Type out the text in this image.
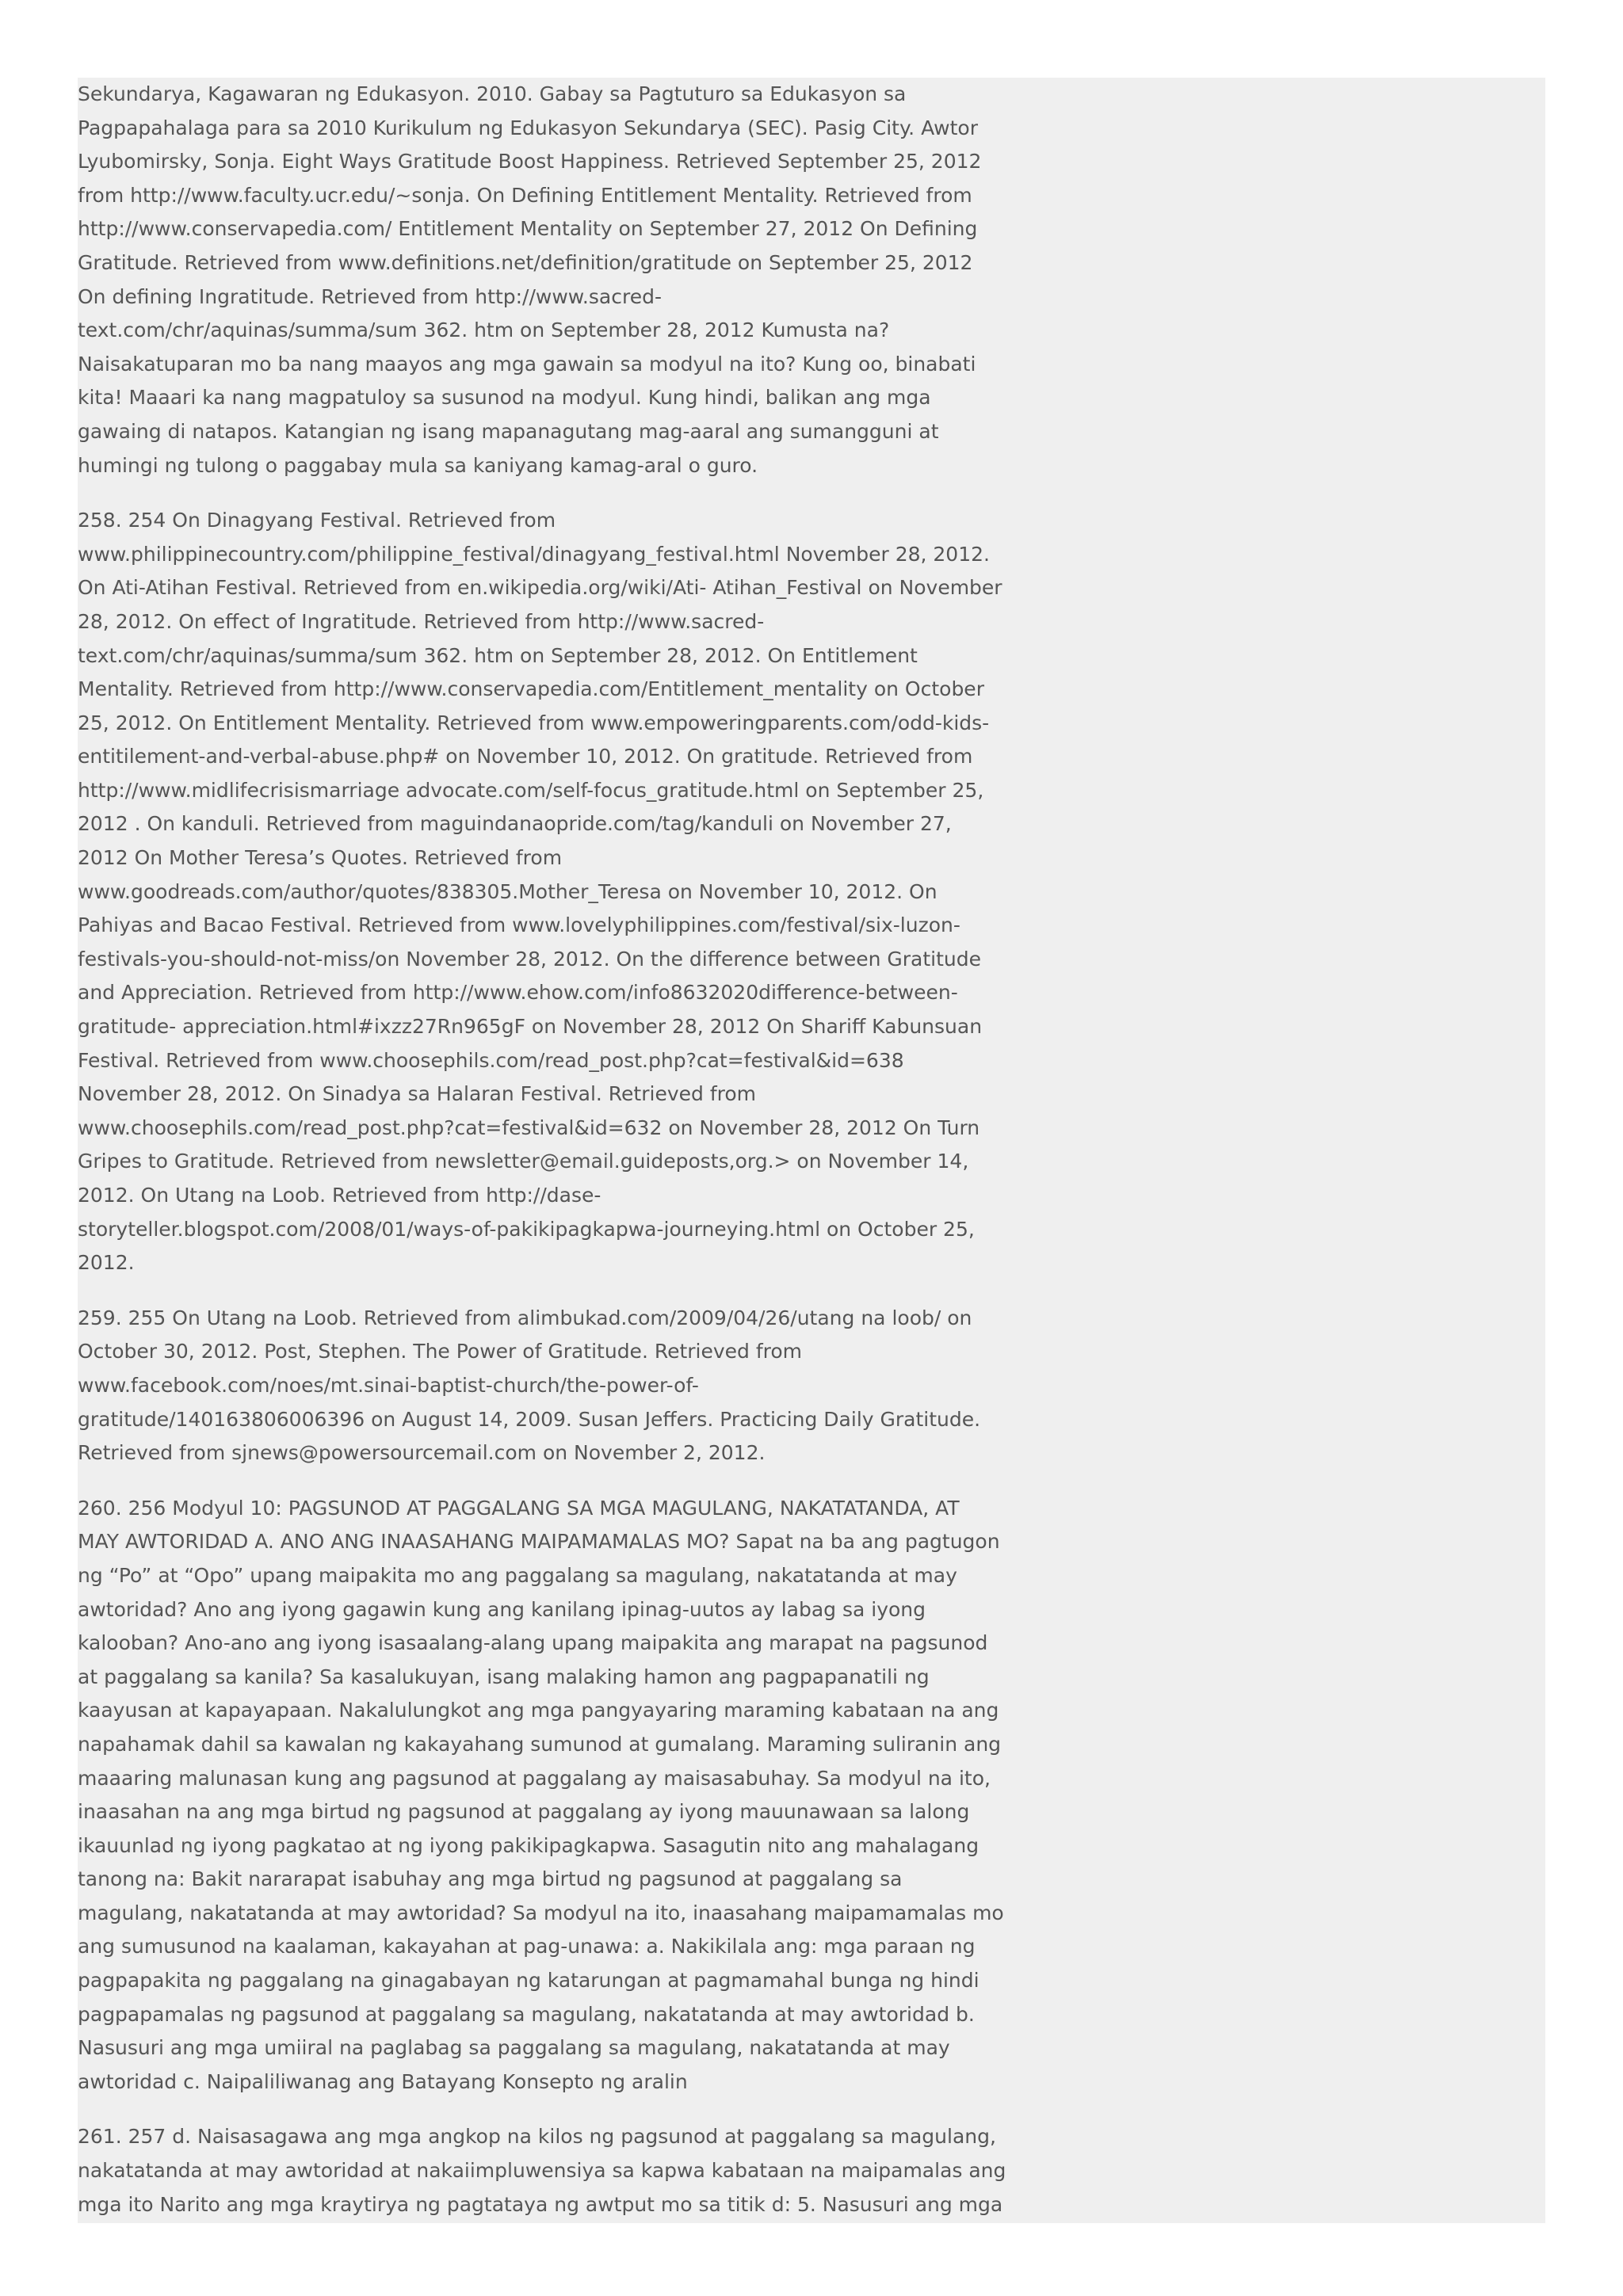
Sekundarya, Kagawaran ng Edukasyon. 2010. Gabay sa Pagtuturo sa Edukasyon sa
Pagpapahalaga para sa 2010 Kurikulum ng Edukasyon Sekundarya (SEC). Pasig City. Awtor
Lyubomirsky, Sonja. Eight Ways Gratitude Boost Happiness. Retrieved September 25, 2012
from http://www.faculty.ucr.edu/~sonja. On Defining Entitlement Mentality. Retrieved from
http://www.conservapedia.com/ Entitlement Mentality on September 27, 2012 On Defining
Gratitude. Retrieved from www.definitions.net/definition/gratitude on September 25, 2012
On defining Ingratitude. Retrieved from http://www.sacred-
text.com/chr/aquinas/summa/sum 362. htm on September 28, 2012 Kumusta na?
Naisakatuparan mo ba nang maayos ang mga gawain sa modyul na ito? Kung oo, binabati
kita! Maaari ka nang magpatuloy sa susunod na modyul. Kung hindi, balikan ang mga
gawaing di natapos. Katangian ng isang mapanagutang mag-aaral ang sumangguni at
humingi ng tulong o paggabay mula sa kaniyang kamag-aral o guro.

258. 254 On Dinagyang Festival. Retrieved from
www.philippinecountry.com/philippine_festival/dinagyang_festival.html November 28, 2012.
On Ati-Atihan Festival. Retrieved from en.wikipedia.org/wiki/Ati- Atihan_Festival on November
28, 2012. On effect of Ingratitude. Retrieved from http://www.sacred-
text.com/chr/aquinas/summa/sum 362. htm on September 28, 2012. On Entitlement
Mentality. Retrieved from http://www.conservapedia.com/Entitlement_mentality on October
25, 2012. On Entitlement Mentality. Retrieved from www.empoweringparents.com/odd-kids-
entitilement-and-verbal-abuse.php# on November 10, 2012. On gratitude. Retrieved from
http://www.midlifecrisismarriage advocate.com/self-focus_gratitude.html on September 25,
2012 . On kanduli. Retrieved from maguindanaopride.com/tag/kanduli on November 27,
2012 On Mother Teresa’s Quotes. Retrieved from
www.goodreads.com/author/quotes/838305.Mother_Teresa on November 10, 2012. On
Pahiyas and Bacao Festival. Retrieved from www.lovelyphilippines.com/festival/six-luzon-
festivals-you-should-not-miss/on November 28, 2012. On the difference between Gratitude
and Appreciation. Retrieved from http://www.ehow.com/info8632020difference-between-
gratitude- appreciation.html#ixzz27Rn965gF on November 28, 2012 On Shariff Kabunsuan
Festival. Retrieved from www.choosephils.com/read_post.php?cat=festival&id=638
November 28, 2012. On Sinadya sa Halaran Festival. Retrieved from
www.choosephils.com/read_post.php?cat=festival&id=632 on November 28, 2012 On Turn
Gripes to Gratitude. Retrieved from newsletter@email.guideposts,org.> on November 14,
2012. On Utang na Loob. Retrieved from http://dase-
storyteller.blogspot.com/2008/01/ways-of-pakikipagkapwa-journeying.html on October 25,
2012.

259. 255 On Utang na Loob. Retrieved from alimbukad.com/2009/04/26/utang na loob/ on
October 30, 2012. Post, Stephen. The Power of Gratitude. Retrieved from
www.facebook.com/noes/mt.sinai-baptist-church/the-power-of-
gratitude/140163806006396 on August 14, 2009. Susan Jeffers. Practicing Daily Gratitude.
Retrieved from sjnews@powersourcemail.com on November 2, 2012.

260. 256 Modyul 10: PAGSUNOD AT PAGGALANG SA MGA MAGULANG, NAKATATANDA, AT
MAY AWTORIDAD A. ANO ANG INAASAHANG MAIPAMAMALAS MO? Sapat na ba ang pagtugon
ng “Po” at “Opo” upang maipakita mo ang paggalang sa magulang, nakatatanda at may
awtoridad? Ano ang iyong gagawin kung ang kanilang ipinag-uutos ay labag sa iyong
kalooban? Ano-ano ang iyong isasaalang-alang upang maipakita ang marapat na pagsunod
at paggalang sa kanila? Sa kasalukuyan, isang malaking hamon ang pagpapanatili ng
kaayusan at kapayapaan. Nakalulungkot ang mga pangyayaring maraming kabataan na ang
napahamak dahil sa kawalan ng kakayahang sumunod at gumalang. Maraming suliranin ang
maaaring malunasan kung ang pagsunod at paggalang ay maisasabuhay. Sa modyul na ito,
inaasahan na ang mga birtud ng pagsunod at paggalang ay iyong mauunawaan sa lalong
ikauunlad ng iyong pagkatao at ng iyong pakikipagkapwa. Sasagutin nito ang mahalagang
tanong na: Bakit nararapat isabuhay ang mga birtud ng pagsunod at paggalang sa
magulang, nakatatanda at may awtoridad? Sa modyul na ito, inaasahang maipamamalas mo
ang sumusunod na kaalaman, kakayahan at pag-unawa: a. Nakikilala ang: mga paraan ng
pagpapakita ng paggalang na ginagabayan ng katarungan at pagmamahal bunga ng hindi
pagpapamalas ng pagsunod at paggalang sa magulang, nakatatanda at may awtoridad b.
Nasusuri ang mga umiiral na paglabag sa paggalang sa magulang, nakatatanda at may
awtoridad c. Naipaliliwanag ang Batayang Konsepto ng aralin

261. 257 d. Naisasagawa ang mga angkop na kilos ng pagsunod at paggalang sa magulang,
nakatatanda at may awtoridad at nakaiimpluwensiya sa kapwa kabataan na maipamalas ang
mga ito Narito ang mga kraytirya ng pagtataya ng awtput mo sa titik d: 5. Nasusuri ang mga
